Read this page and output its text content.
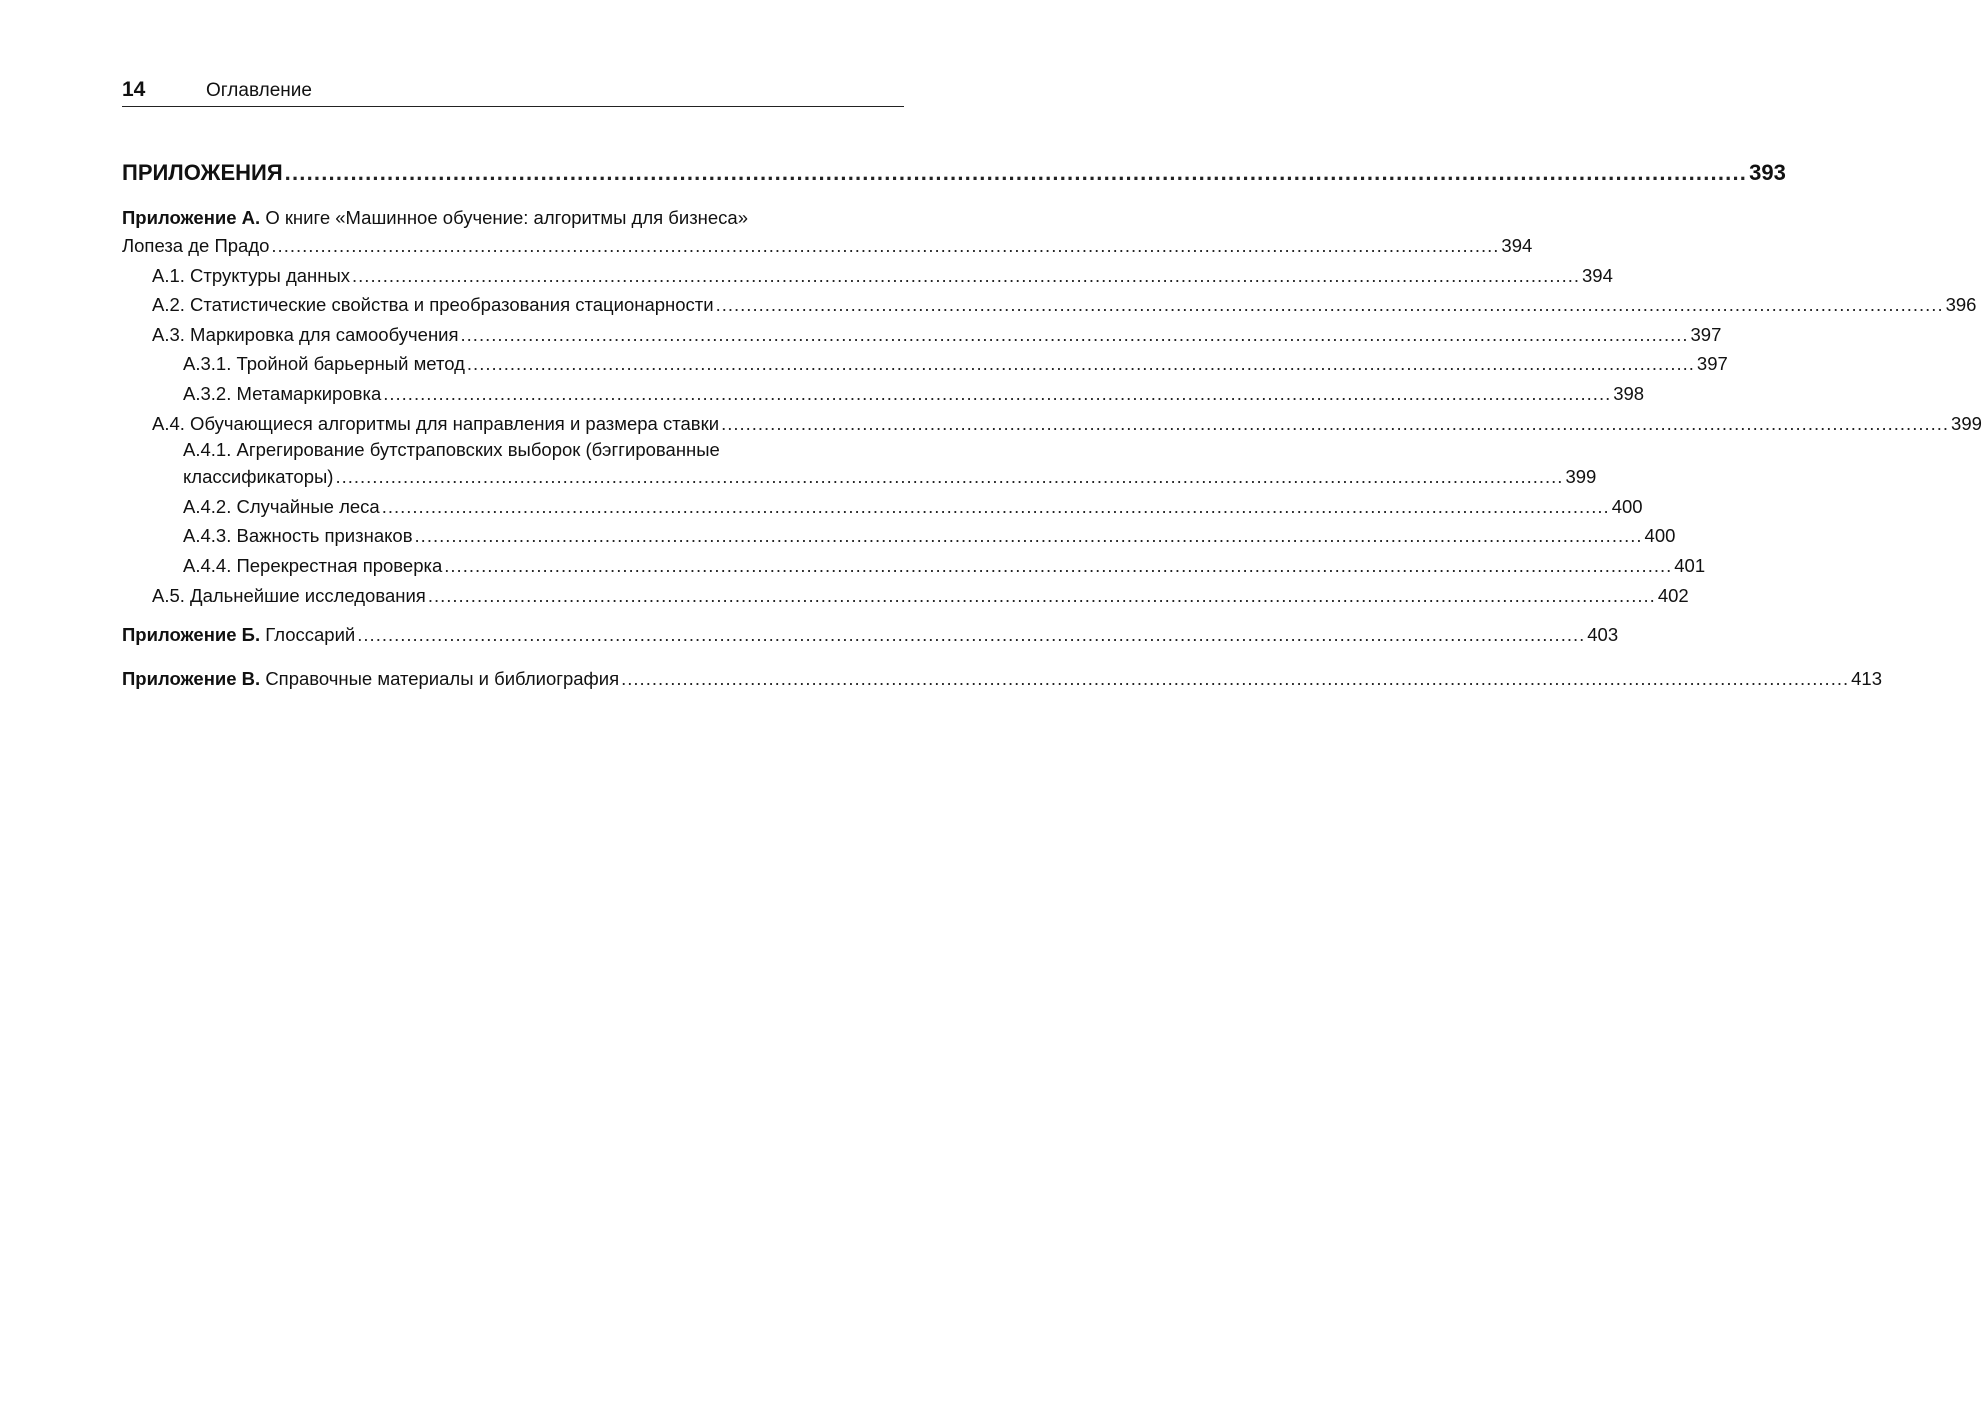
14	Оглавление
ПРИЛОЖЕНИЯ ........................................................................................................................................................................................................ 393
Приложение А. О книге «Машинное обучение: алгоритмы для бизнеса»
Лопеза де Прадо ........................................................................................................................................................................................................ 394
А.1. Структуры данных ........................................................................................................................................................................................................ 394
А.2. Статистические свойства и преобразования стационарности ........................................................................................................................................................................................................ 396
А.3. Маркировка для самообучения ........................................................................................................................................................................................................ 397
А.3.1. Тройной барьерный метод ........................................................................................................................................................................................................ 397
А.3.2. Метамаркировка ........................................................................................................................................................................................................ 398
А.4. Обучающиеся алгоритмы для направления и размера ставки ........................................................................................................................................................................................................ 399
А.4.1. Агрегирование бутстраповских выборок (бэггированные
классификаторы) ........................................................................................................................................................................................................ 399
А.4.2. Случайные леса ........................................................................................................................................................................................................ 400
А.4.3. Важность признаков ........................................................................................................................................................................................................ 400
А.4.4. Перекрестная проверка ........................................................................................................................................................................................................ 401
А.5. Дальнейшие исследования ........................................................................................................................................................................................................ 402
Приложение Б. Глоссарий ........................................................................................................................................................................................................ 403
Приложение В. Справочные материалы и библиография ........................................................................................................................................................................................................ 413
